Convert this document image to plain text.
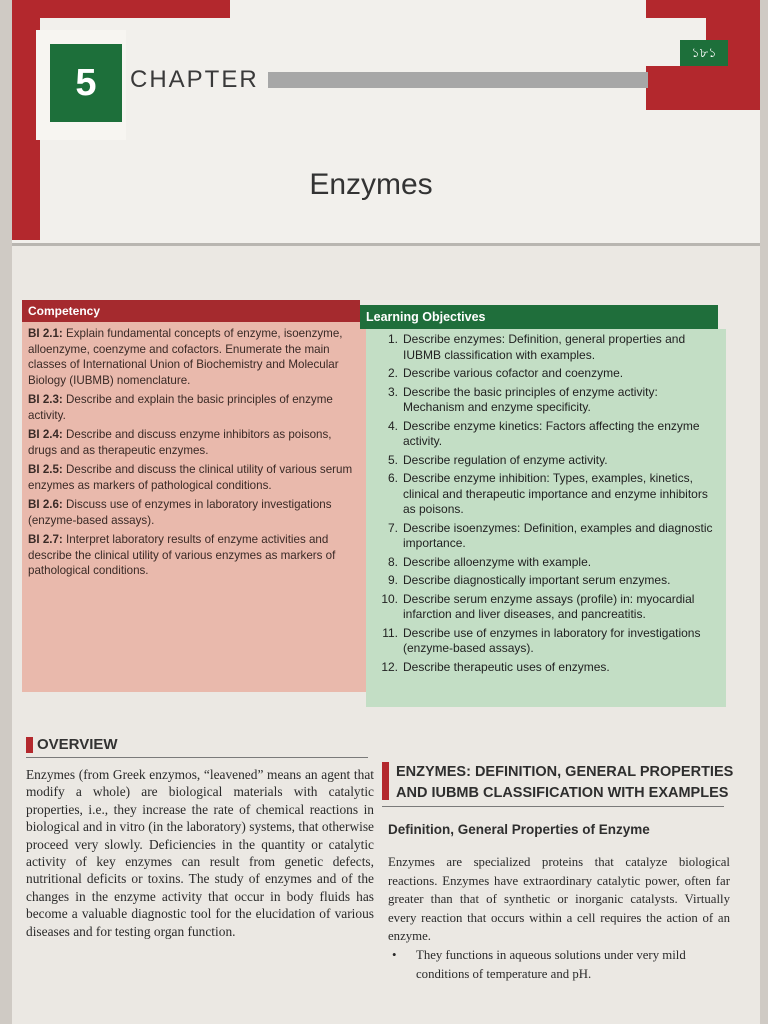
5	CHAPTER
১৮১
Enzymes
Competency
BI 2.1: Explain fundamental concepts of enzyme, isoenzyme, alloenzyme, coenzyme and cofactors. Enumerate the main classes of International Union of Biochemistry and Molecular Biology (IUBMB) nomenclature.
BI 2.3: Describe and explain the basic principles of enzyme activity.
BI 2.4: Describe and discuss enzyme inhibitors as poisons, drugs and as therapeutic enzymes.
BI 2.5: Describe and discuss the clinical utility of various serum enzymes as markers of pathological conditions.
BI 2.6: Discuss use of enzymes in laboratory investigations (enzyme-based assays).
BI 2.7: Interpret laboratory results of enzyme activities and describe the clinical utility of various enzymes as markers of pathological conditions.
Learning Objectives
1. Describe enzymes: Definition, general properties and IUBMB classification with examples.
2. Describe various cofactor and coenzyme.
3. Describe the basic principles of enzyme activity: Mechanism and enzyme specificity.
4. Describe enzyme kinetics: Factors affecting the enzyme activity.
5. Describe regulation of enzyme activity.
6. Describe enzyme inhibition: Types, examples, kinetics, clinical and therapeutic importance and enzyme inhibitors as poisons.
7. Describe isoenzymes: Definition, examples and diagnostic importance.
8. Describe alloenzyme with example.
9. Describe diagnostically important serum enzymes.
10. Describe serum enzyme assays (profile) in: myocardial infarction and liver diseases, and pancreatitis.
11. Describe use of enzymes in laboratory for investigations (enzyme-based assays).
12. Describe therapeutic uses of enzymes.
OVERVIEW
Enzymes (from Greek enzymos, “leavened” means an agent that modify a whole) are biological materials with catalytic properties, i.e., they increase the rate of chemical reactions in biological and in vitro (in the laboratory) systems, that otherwise proceed very slowly. Deficiencies in the quantity or catalytic activity of key enzymes can result from genetic defects, nutritional deficits or toxins. The study of enzymes and of the changes in the enzyme activity that occur in body fluids has become a valuable diagnostic tool for the elucidation of various diseases and for testing organ function.
ENZYMES: DEFINITION, GENERAL PROPERTIES AND IUBMB CLASSIFICATION WITH EXAMPLES
Definition, General Properties of Enzyme
Enzymes are specialized proteins that catalyze biological reactions. Enzymes have extraordinary catalytic power, often far greater than that of synthetic or inorganic catalysts. Virtually every reaction that occurs within a cell requires the action of an enzyme.
•	They functions in aqueous solutions under very mild conditions of temperature and pH.
